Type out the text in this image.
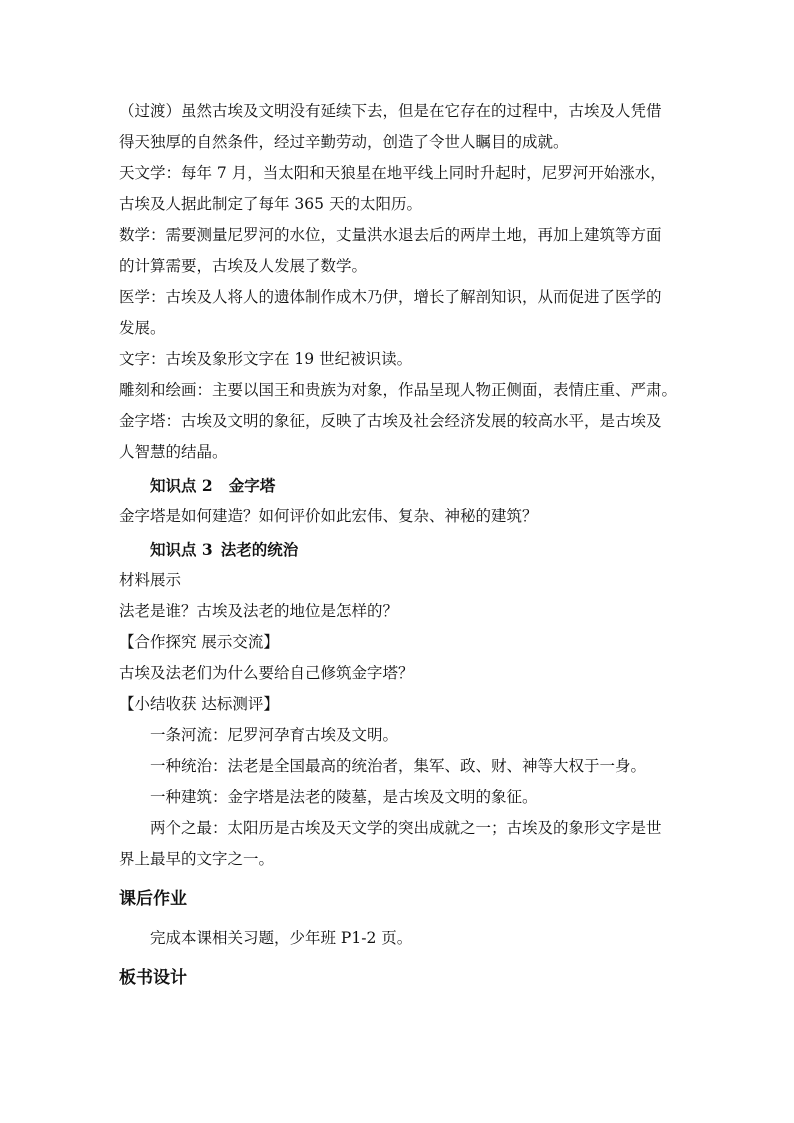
（过渡）虽然古埃及文明没有延续下去，但是在它存在的过程中，古埃及人凭借

得天独厚的自然条件，经过辛勤劳动，创造了令世人瞩目的成就。

天文学：每年 7 月，当太阳和天狼星在地平线上同时升起时，尼罗河开始涨水，

古埃及人据此制定了每年 365 天的太阳历。

数学：需要测量尼罗河的水位，丈量洪水退去后的两岸土地，再加上建筑等方面

的计算需要，古埃及人发展了数学。

医学：古埃及人将人的遗体制作成木乃伊，增长了解剖知识，从而促进了医学的

发展。

文字：古埃及象形文字在 19 世纪被识读。

雕刻和绘画：主要以国王和贵族为对象，作品呈现人物正侧面，表情庄重、严肃。

金字塔：古埃及文明的象征，反映了古埃及社会经济发展的较高水平，是古埃及

人智慧的结晶。

知识点 2 金字塔

金字塔是如何建造？如何评价如此宏伟、复杂、神秘的建筑？

知识点 3 法老的统治

材料展示

法老是谁？古埃及法老的地位是怎样的？

【合作探究 展示交流】

古埃及法老们为什么要给自己修筑金字塔？

【小结收获 达标测评】

一条河流：尼罗河孕育古埃及文明。

一种统治：法老是全国最高的统治者，集军、政、财、神等大权于一身。

一种建筑：金字塔是法老的陵墓，是古埃及文明的象征。

两个之最：太阳历是古埃及天文学的突出成就之一；古埃及的象形文字是世

界上最早的文字之一。

课后作业

完成本课相关习题，少年班 P1-2 页。

板书设计
